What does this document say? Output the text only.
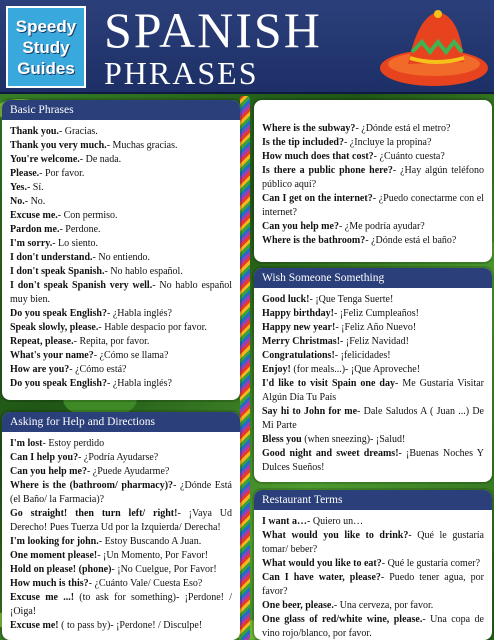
Speedy
Study
Guides
SPANISH
PHRASES
Basic Phrases
Thank you.- Gracias.
Thank you very much.- Muchas gracias.
You're welcome.- De nada.
Please.- Por favor.
Yes.- Sí.
No.- No.
Excuse me.- Con permiso.
Pardon me.- Perdone.
I'm sorry.- Lo siento.
I don't understand.- No entiendo.
I don't speak Spanish.- No hablo español.
I don't speak Spanish very well.- No hablo español muy bien.
Do you speak English?- ¿Habla inglés?
Speak slowly, please.- Hable despacio por favor.
Repeat, please.- Repita, por favor.
What's your name?- ¿Cómo se llama?
How are you?- ¿Cómo está?
Do you speak English?- ¿Habla inglés?
Where is the subway?- ¿Dónde está el metro?
Is the tip included?- ¿Incluye la propina?
How much does that cost?- ¿Cuánto cuesta?
Is there a public phone here?- ¿Hay algún teléfono público aquí?
Can I get on the internet?- ¿Puedo conectarme con el internet?
Can you help me?- ¿Me podría ayudar?
Where is the bathroom?- ¿Dónde está el baño?
Asking for Help and Directions
I'm lost- Estoy perdido
Can I help you?- ¿Podría Ayudarse?
Can you help me?- ¿Puede Ayudarme?
Where is the (bathroom/ pharmacy)?- ¿Dónde Está (el Baño/ la Farmacia)?
Go straight! then turn left/ right!- ¡Vaya Ud Derecho! Pues Tuerza Ud por la Izquierda/ Derecha!
I'm looking for john.- Estoy Buscando A Juan.
One moment please!- ¡Un Momento, Por Favor!
Hold on please! (phone)- ¡No Cuelgue, Por Favor!
How much is this?- ¿Cuánto Vale/ Cuesta Eso?
Excuse me ...! (to ask for something)- ¡Perdone! / ¡Oiga!
Excuse me! ( to pass by)- ¡Perdone! / Disculpe!
Wish Someone Something
Good luck!- ¡Que Tenga Suerte!
Happy birthday!- ¡Feliz Cumpleaños!
Happy new year!- ¡Feliz Año Nuevo!
Merry Christmas!- ¡Feliz Navidad!
Congratulations!- ¡felicidades!
Enjoy! (for meals...)- ¡Que Aproveche!
I'd like to visit Spain one day- Me Gustaría Visitar Algún Día Tu País
Say hi to John for me- Dale Saludos A ( Juan ...) De Mi Parte
Bless you (when sneezing)- ¡Salud!
Good night and sweet dreams!- ¡Buenas Noches Y Dulces Sueños!
Restaurant Terms
I want a…- Quiero un…
What would you like to drink?- Qué le gustaría tomar/ beber?
What would you like to eat?- Qué le gustaría comer?
Can I have water, please?- Puedo tener agua, por favor?
One beer, please.- Una cerveza, por favor.
One glass of red/white wine, please.- Una copa de vino rojo/blanco, por favor.
